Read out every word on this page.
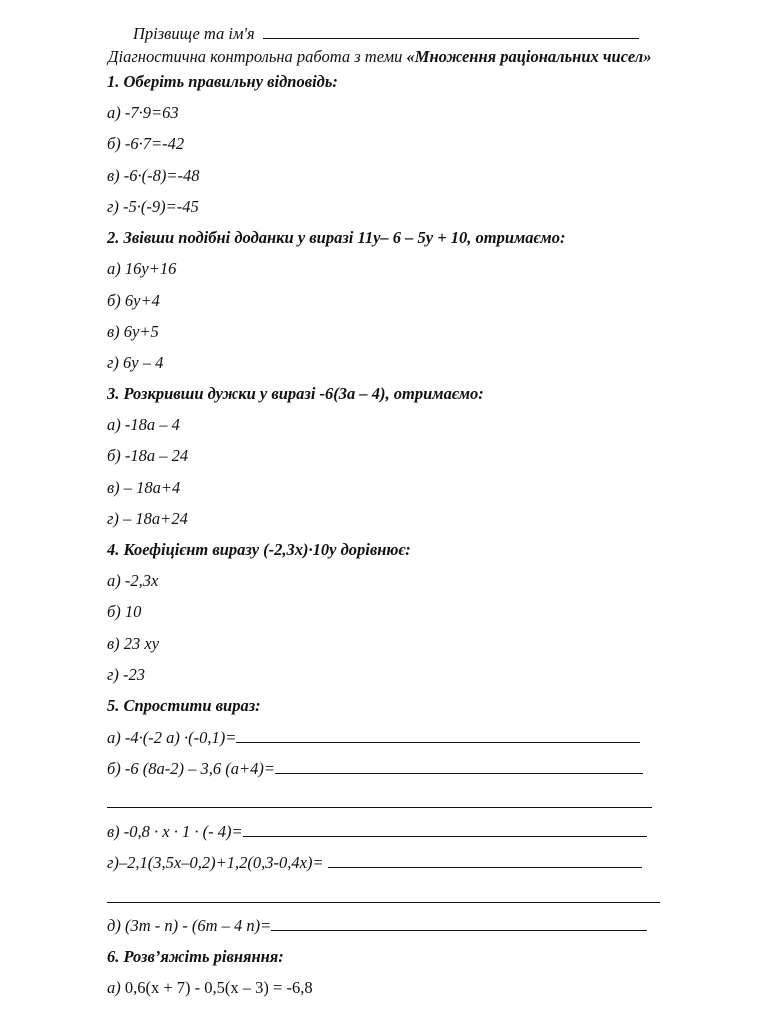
Прізвище та ім'я
Діагностична контрольна работа з теми «Множення раціональних чисел»
1. Оберіть правильну відповідь:
а) -7·9=63
б) -6·7=-42
в) -6·(-8)=-48
г) -5·(-9)=-45
2. Звівши подібні доданки у виразі 11у– 6 – 5у + 10, отримаємо:
а) 16у+16
б) 6у+4
в) 6у+5
г) 6у – 4
3. Розкривши дужки у виразі -6(3а – 4), отримаємо:
а) -18а – 4
б) -18а – 24
в) – 18а+4
г) – 18а+24
4. Коефіцієнт виразу (-2,3х)·10у дорівнює:
а) -2,3х
б) 10
в) 23 ху
г) -23
5. Спростити вираз:
а) -4·(-2 а) ·(-0,1)=
б) -6 (8а-2) – 3,6 (а+4)=
в) -0,8 · х · 1 · (- 4)=
г)–2,1(3,5х–0,2)+1,2(0,3-0,4х)=
д) (3m - n) - (6m – 4 n)=
6. Розв’яжіть рівняння:
а) 0,6(x + 7) - 0,5(x – 3) = -6,8
